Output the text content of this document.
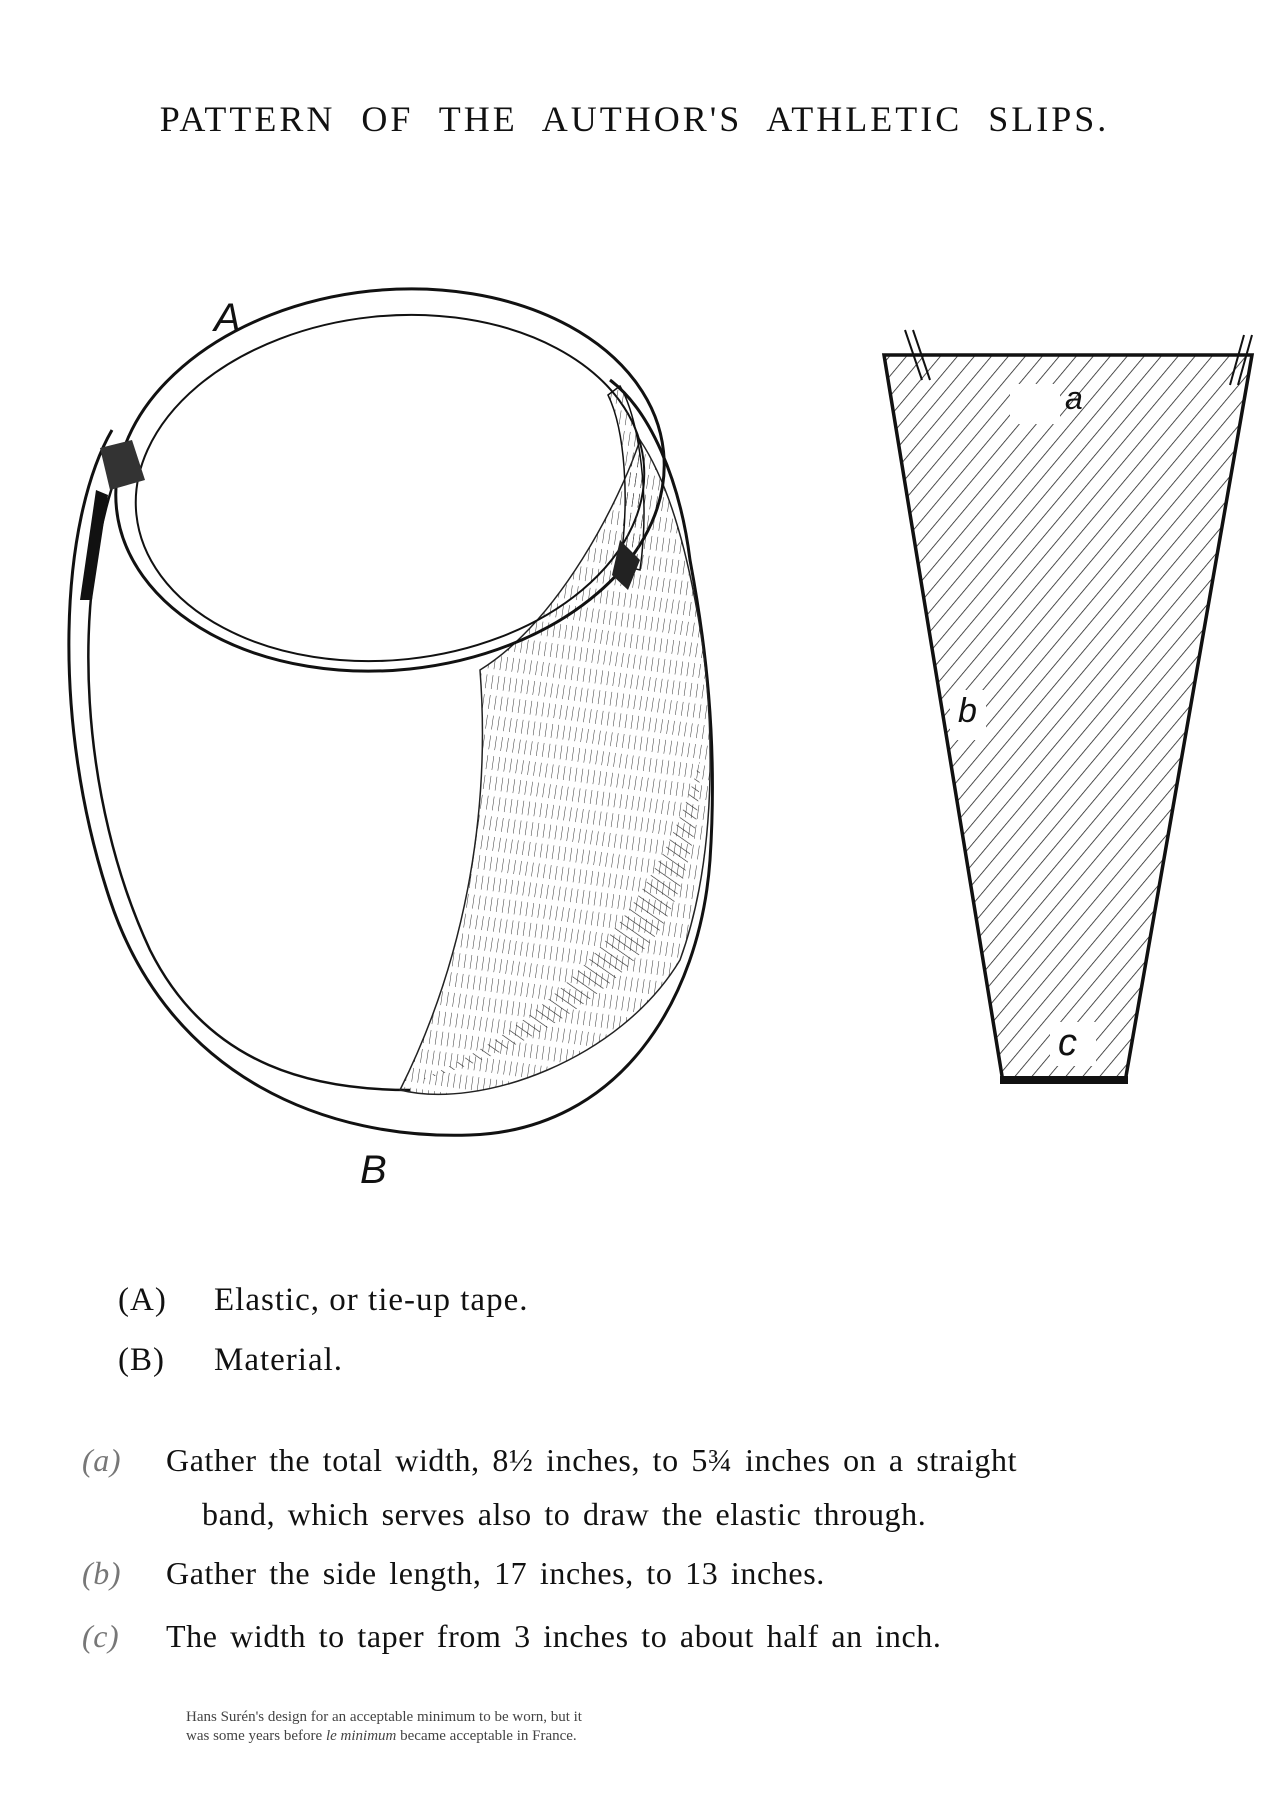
PATTERN OF THE AUTHOR'S ATHLETIC SLIPS.
A
B
a
b
c
(A) Elastic, or tie-up tape.
(B) Material.
(a) Gather the total width, 8½ inches, to 5¾ inches on a straight
band, which serves also to draw the elastic through.
(b) Gather the side length, 17 inches, to 13 inches.
(c) The width to taper from 3 inches to about half an inch.
Hans Surén's design for an acceptable minimum to be worn, but it
was some years before le minimum became acceptable in France.
